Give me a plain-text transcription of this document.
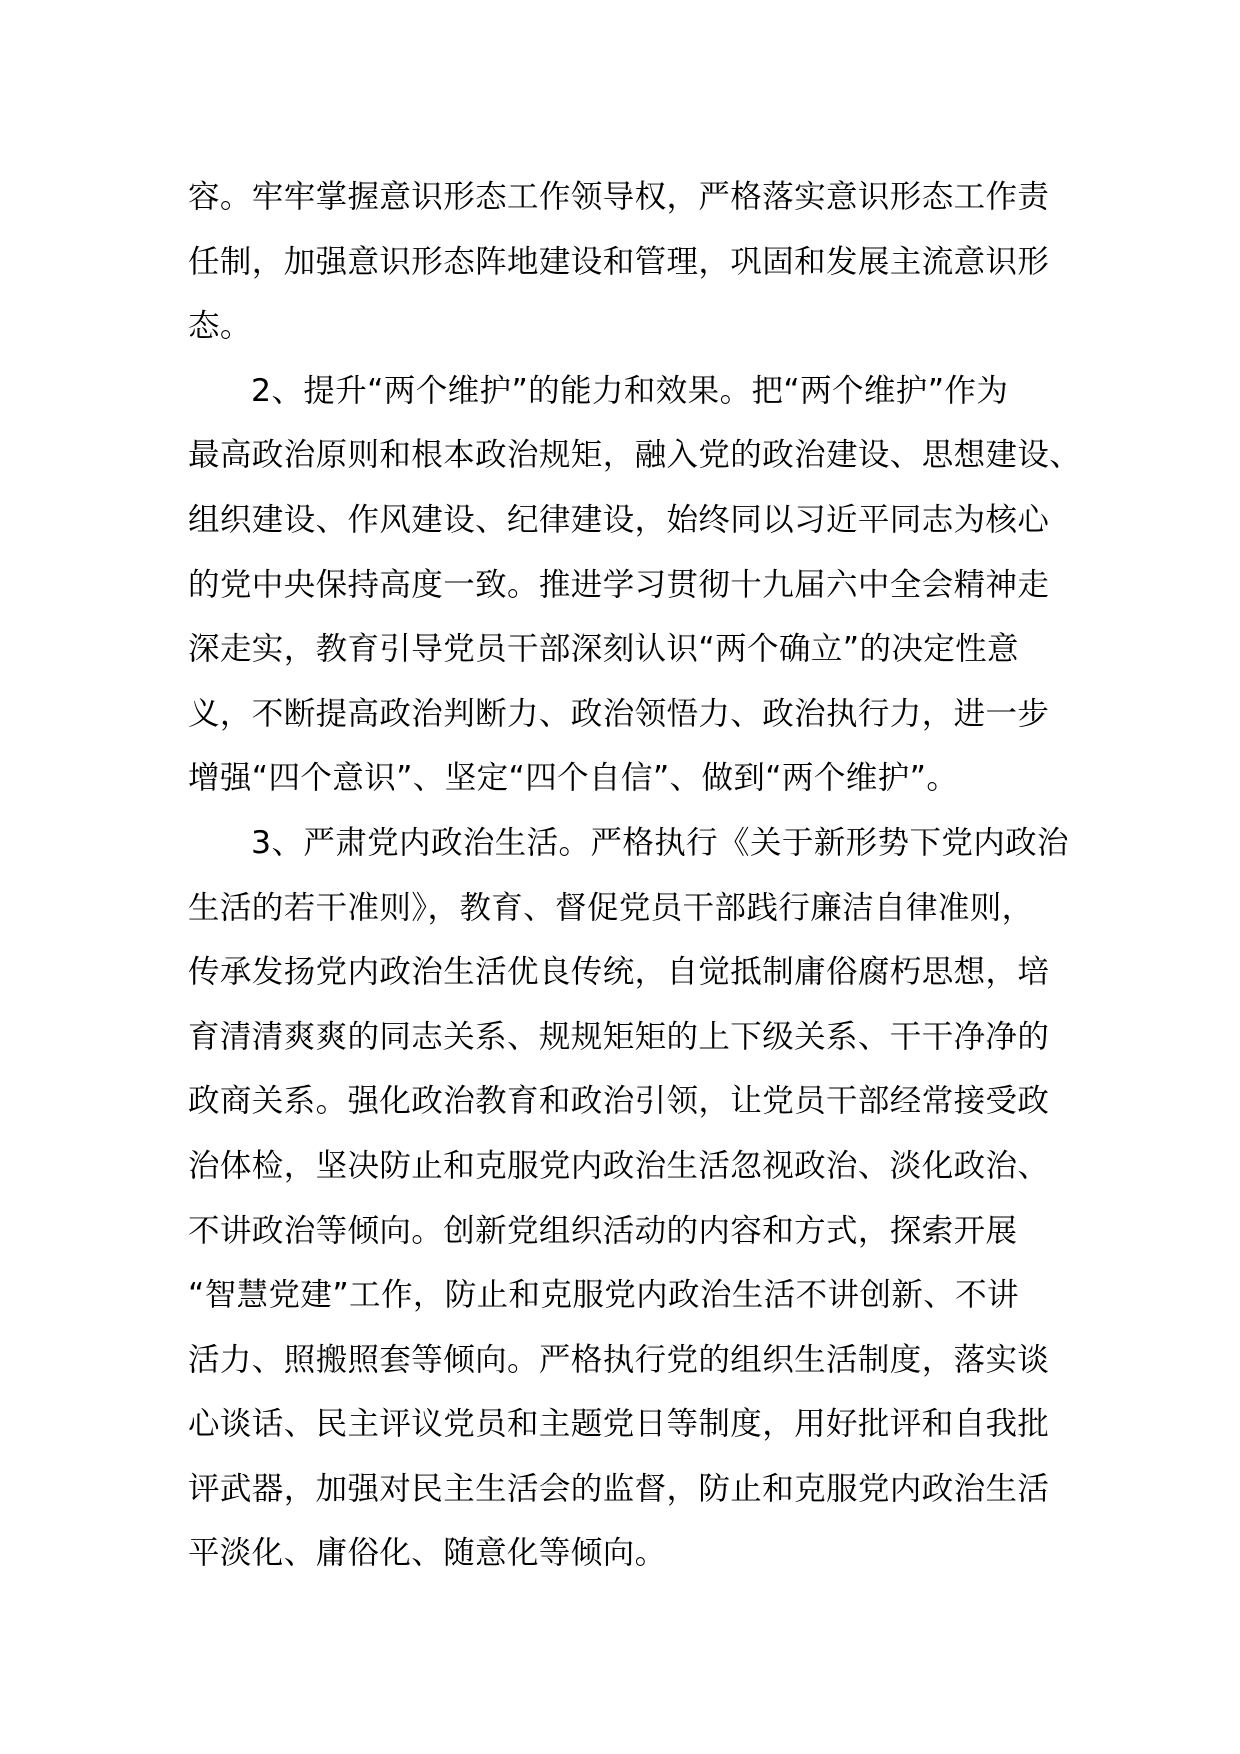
容。牢牢掌握意识形态工作领导权，严格落实意识形态工作责
任制，加强意识形态阵地建设和管理，巩固和发展主流意识形
态。
2、提升“两个维护”的能力和效果。把“两个维护”作为
最高政治原则和根本政治规矩，融入党的政治建设、思想建设、
组织建设、作风建设、纪律建设，始终同以习近平同志为核心
的党中央保持高度一致。推进学习贯彻十九届六中全会精神走
深走实，教育引导党员干部深刻认识“两个确立”的决定性意
义，不断提高政治判断力、政治领悟力、政治执行力，进一步
增强“四个意识”、坚定“四个自信”、做到“两个维护”。
3、严肃党内政治生活。严格执行《关于新形势下党内政治
生活的若干准则》，教育、督促党员干部践行廉洁自律准则，
传承发扬党内政治生活优良传统，自觉抵制庸俗腐朽思想，培
育清清爽爽的同志关系、规规矩矩的上下级关系、干干净净的
政商关系。强化政治教育和政治引领，让党员干部经常接受政
治体检，坚决防止和克服党内政治生活忽视政治、淡化政治、
不讲政治等倾向。创新党组织活动的内容和方式，探索开展
“智慧党建”工作，防止和克服党内政治生活不讲创新、不讲
活力、照搬照套等倾向。严格执行党的组织生活制度，落实谈
心谈话、民主评议党员和主题党日等制度，用好批评和自我批
评武器，加强对民主生活会的监督，防止和克服党内政治生活
平淡化、庸俗化、随意化等倾向。
